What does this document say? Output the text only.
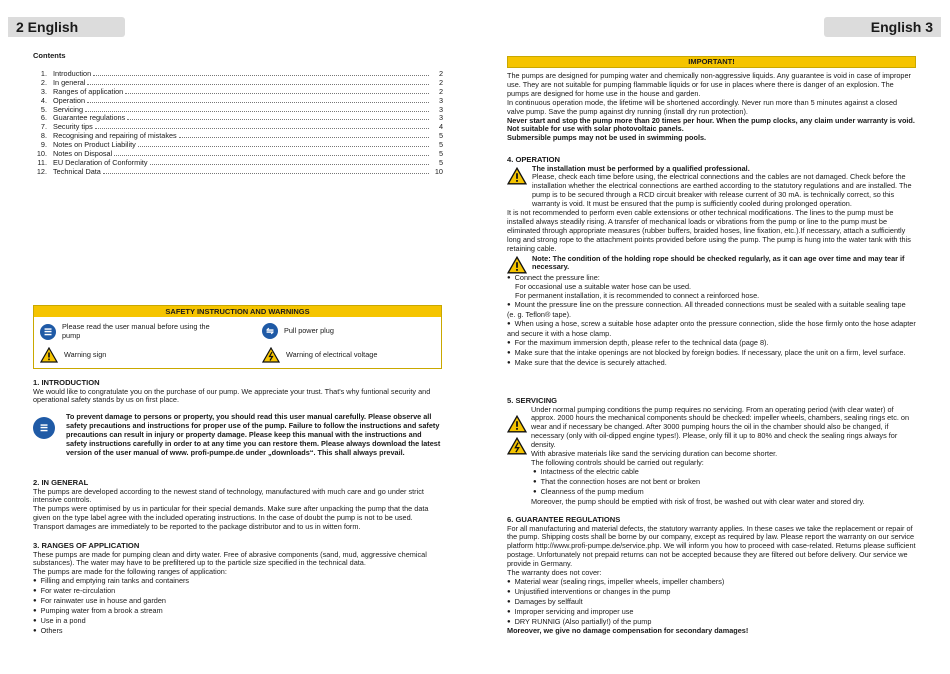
2 English
Contents
1. Introduction	2
2. In general	2
3. Ranges of application	2
4. Operation	3
5. Servicing	3
6. Guarantee regulations	3
7. Security tips	4
8. Recognising and repairing of mistakes	5
9. Notes on Product Liability	5
10. Notes on Disposal	5
11. EU Declaration of Conformity	5
12. Technical Data	10
SAFETY INSTRUCTION AND WARNINGS
☰
Please read the user manual before using the pump	⇋	Pull power plug
Warning sign	Warning of electrical voltage
1. INTRODUCTION
We would like to congratulate you on the purchase of our pump. We appreciate your trust. That's why funtional security and operational safety stands by us on first place.
☰
To prevent damage to persons or property, you should read this user manual carefully. Please observe all safety precautions and instructions for proper use of the pump. Failure to follow the instructions and safety precautions can result in injury or property damage. Please keep this manual with the instructions and safety instructions carefully in order to at any time you can restore them. Please always download the latest version of the user manual of www. profi-pumpe.de under „downloads“. This shall always prevail.
2. IN GENERAL
The pumps are developed according to the newest stand of technology, manufactured with much care and go under strict intensive controls.
The pumps were optimised by us in particular for their special demands. Make sure after unpacking the pump that the data given on the type label agree with the included operating instructions. In the case of doubt the pump is not to be used. Transport damages are immediately to be reported to the package distributor and to us in witten form.
3. RANGES OF APPLICATION
These pumps are made for pumping clean and dirty water. Free of abrasive components (sand, mud, aggressive chemical substances). The water may have to be prefiltered up to the particle size specified in the technical data.
The pumps are made for the following ranges of application:
● Filling and emptying rain tanks and containers
● For water re-circulation
● For rainwater use in house and garden
● Pumping water from a brook a stream
● Use in a pond
● Others
English 3
IMPORTANT!
The pumps are designed for pumping water and chemically non-aggressive liquids. Any guarantee is void in case of improper use. They are not suitable for pumping flammable liquids or for use in places where there is danger of an explosion. The pumps are designed for home use in the house and garden.
In continuous operation mode, the lifetime will be shortened accordingly. Never run more than 5 minutes against a closed valve pump. Save the pump against dry running (install dry run protection).
Never start and stop the pump more than 20 times per hour. When the pump clocks, any claim under warranty is void. Not suitable for use with solar photovoltaic panels.
Submersible pumps may not be used in swimming pools.
4. OPERATION
The installation must be performed by a qualified professional.
Please, check each time before using, the electrical connections and the cables are not damaged. Check before the installation whether the electrical connections are earthed according to the statutory regulations and are installed. The pump is to be secured through a RCD circuit breaker with release current of 30 mA. is technically correct, so this warranty is void. It must be ensured that the pump is sufficiently cooled during prolonged operation.
It is not recommended to perform even cable extensions or other technical modifications. The lines to the pump must be installed always steadily rising. A transfer of mechanical loads or vibrations from the pump or line to the pump must be eliminated through appropriate measures (rubber buffers, braided hoses, line fixation, etc.).If necessary, attach a sufficiently long and strong rope to the attachment points provided before using the pump. The pump is hung into the water tank with this retaining cable.
Note: The condition of the holding rope should be checked regularly, as it can age over time and may tear if necessary.
● Connect the pressure line:
For occasional use a suitable water hose can be used.
For permanent installation, it is recommended to connect a reinforced hose.
● Mount the pressure line on the pressure connection. All threaded connections must be sealed with a suitable sealing tape (e. g. Teflon® tape).
● When using a hose, screw a suitable hose adapter onto the pressure connection, slide the hose firmly onto the hose adapter and secure it with a hose clamp.
● For the maximum immersion depth, please refer to the technical data (page 8).
● Make sure that the intake openings are not blocked by foreign bodies. If necessary, place the unit on a firm, level surface.
● Make sure that the device is securely attached.
5. SERVICING

Under normal pumping conditions the pump requires no servicing. From an operating period (with clear water) of approx. 2000 hours the mechanical components should be checked: impeller wheels, chambers, sealing rings etc. on wear and if necessary be changed. After 3000 pumping hours the oil in the chamber should also be changed, if necessary (only with oil-dipped engine types!). Please, only fill it up to 80% and check the sealing rings always for density.
With abrasive materials like sand the servicing duration can become shorter.
The following controls should be carried out regularly:
● Intactness of the electric cable
● That the connection hoses are not bent or broken
● Cleanness of the pump medium
Moreover, the pump should be emptied with risk of frost, be washed out with clear water and stored dry.
6. GUARANTEE REGULATIONS
For all manufacturing and material defects, the statutory warranty applies. In these cases we take the replacement or repair of the pump. Shipping costs shall be borne by our company, except as required by law. Please report the warranty on our service platform http://www.profi-pumpe.de/service.php. We will inform you how to proceed with case-related. Returns please sufficient postage. Unfortunately not prepaid returns can not be accepted because they are filtered out before delivery. Our service we provide in Germany.
The warranty does not cover:
● Material wear (sealing rings, impeller wheels, impeller chambers)
● Unjustified interventions or changes in the pump
● Damages by selffault
● Improper servicing and improper use
● DRY RUNNIG (Also partially!) of the pump
Moreover, we give no damage compensation for secondary damages!
